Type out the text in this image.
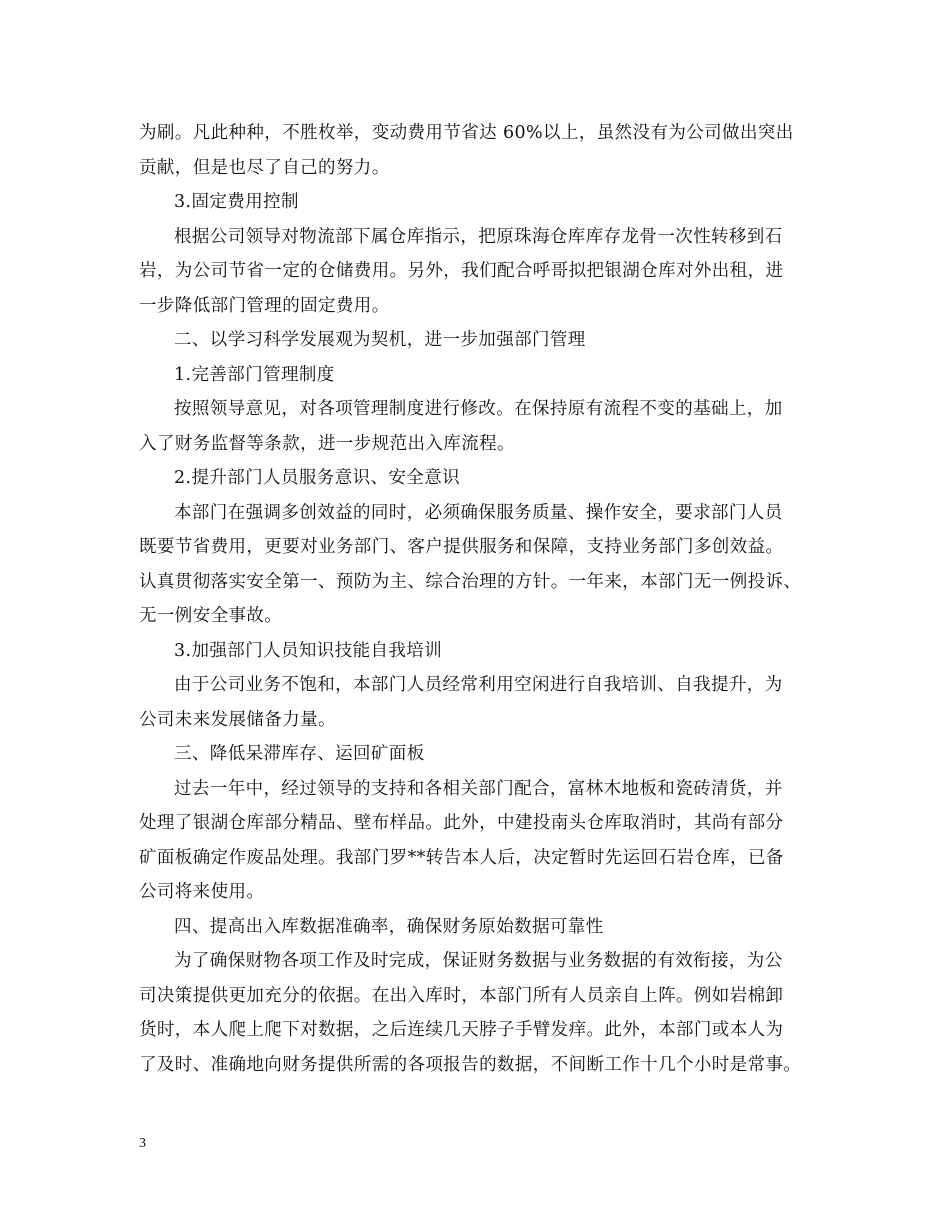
为刷。凡此种种，不胜枚举，变动费用节省达 60%以上，虽然没有为公司做出突出
贡献，但是也尽了自己的努力。
3.固定费用控制
根据公司领导对物流部下属仓库指示，把原珠海仓库库存龙骨一次性转移到石
岩，为公司节省一定的仓储费用。另外，我们配合呼哥拟把银湖仓库对外出租，进
一步降低部门管理的固定费用。
二、以学习科学发展观为契机，进一步加强部门管理
1.完善部门管理制度
按照领导意见，对各项管理制度进行修改。在保持原有流程不变的基础上，加
入了财务监督等条款，进一步规范出入库流程。
2.提升部门人员服务意识、安全意识
本部门在强调多创效益的同时，必须确保服务质量、操作安全，要求部门人员
既要节省费用，更要对业务部门、客户提供服务和保障，支持业务部门多创效益。
认真贯彻落实安全第一、预防为主、综合治理的方针。一年来，本部门无一例投诉、
无一例安全事故。
3.加强部门人员知识技能自我培训
由于公司业务不饱和，本部门人员经常利用空闲进行自我培训、自我提升，为
公司未来发展储备力量。
三、降低呆滞库存、运回矿面板
过去一年中，经过领导的支持和各相关部门配合，富林木地板和瓷砖清货，并
处理了银湖仓库部分精品、壁布样品。此外，中建投南头仓库取消时，其尚有部分
矿面板确定作废品处理。我部门罗**转告本人后，决定暂时先运回石岩仓库，已备
公司将来使用。
四、提高出入库数据准确率，确保财务原始数据可靠性
为了确保财物各项工作及时完成，保证财务数据与业务数据的有效衔接，为公
司决策提供更加充分的依据。在出入库时，本部门所有人员亲自上阵。例如岩棉卸
货时，本人爬上爬下对数据，之后连续几天脖子手臂发痒。此外，本部门或本人为
了及时、准确地向财务提供所需的各项报告的数据，不间断工作十几个小时是常事。
3
